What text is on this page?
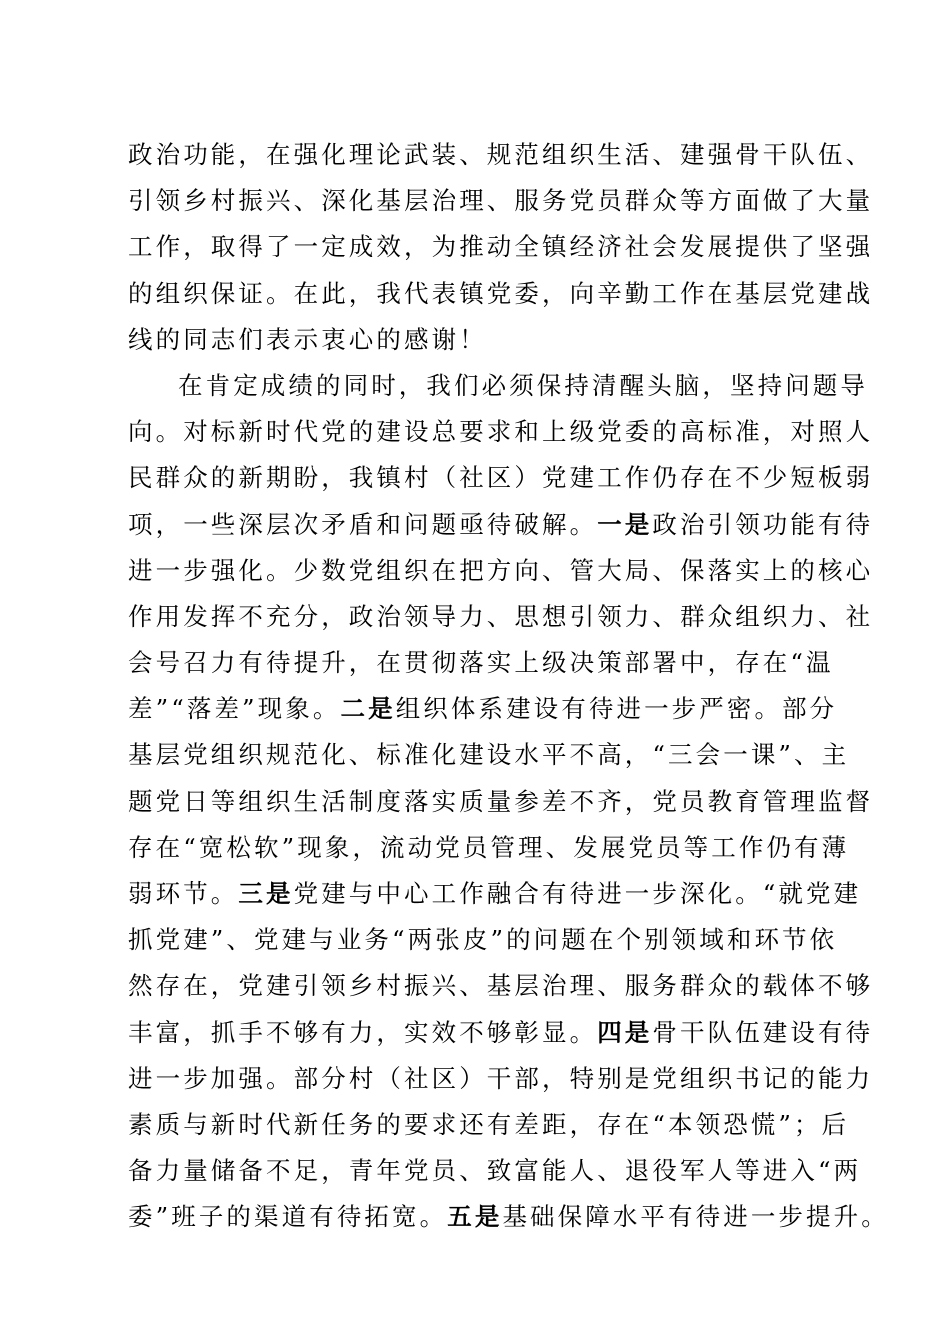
政治功能，在强化理论武装、规范组织生活、建强骨干队伍、
引领乡村振兴、深化基层治理、服务党员群众等方面做了大量
工作，取得了一定成效，为推动全镇经济社会发展提供了坚强
的组织保证。在此，我代表镇党委，向辛勤工作在基层党建战
线的同志们表示衷心的感谢！
在肯定成绩的同时，我们必须保持清醒头脑，坚持问题导
向。对标新时代党的建设总要求和上级党委的高标准，对照人
民群众的新期盼，我镇村（社区）党建工作仍存在不少短板弱
项，一些深层次矛盾和问题亟待破解。一是政治引领功能有待
进一步强化。少数党组织在把方向、管大局、保落实上的核心
作用发挥不充分，政治领导力、思想引领力、群众组织力、社
会号召力有待提升，在贯彻落实上级决策部署中，存在“温
差”“落差”现象。二是组织体系建设有待进一步严密。部分
基层党组织规范化、标准化建设水平不高，“三会一课”、主
题党日等组织生活制度落实质量参差不齐，党员教育管理监督
存在“宽松软”现象，流动党员管理、发展党员等工作仍有薄
弱环节。三是党建与中心工作融合有待进一步深化。“就党建
抓党建”、党建与业务“两张皮”的问题在个别领域和环节依
然存在，党建引领乡村振兴、基层治理、服务群众的载体不够
丰富，抓手不够有力，实效不够彰显。四是骨干队伍建设有待
进一步加强。部分村（社区）干部，特别是党组织书记的能力
素质与新时代新任务的要求还有差距，存在“本领恐慌”；后
备力量储备不足，青年党员、致富能人、退役军人等进入“两
委”班子的渠道有待拓宽。五是基础保障水平有待进一步提升。
